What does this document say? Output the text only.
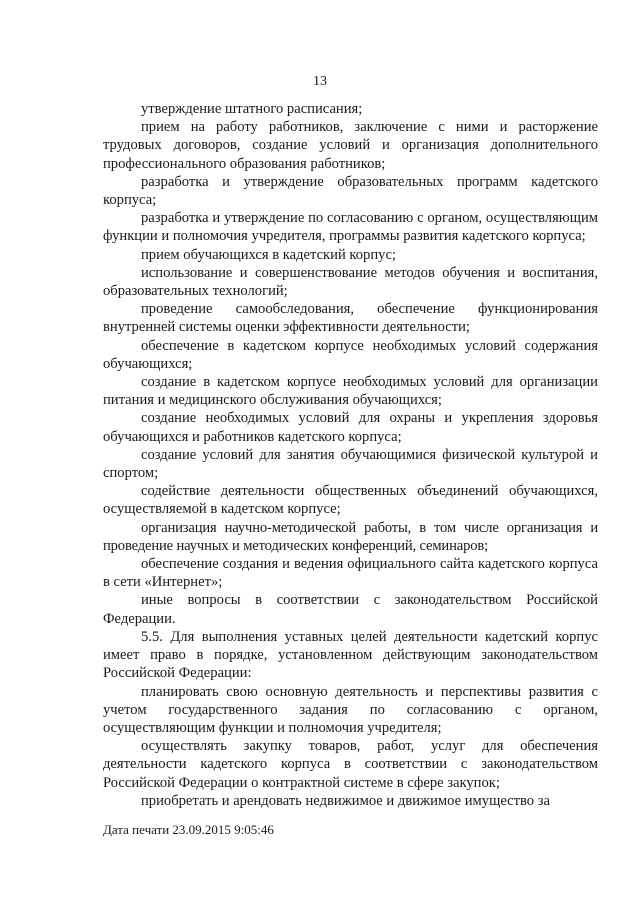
13

утверждение штатного расписания;

прием на работу работников, заключение с ними и расторжение трудовых договоров, создание условий и организация дополнительного профессионального образования работников;

разработка и утверждение образовательных программ кадетского корпуса;

разработка и утверждение по согласованию с органом, осуществляющим функции и полномочия учредителя, программы развития кадетского корпуса;

прием обучающихся в кадетский корпус;

использование и совершенствование методов обучения и воспитания, образовательных технологий;

проведение самообследования, обеспечение функционирования внутренней системы оценки эффективности деятельности;

обеспечение в кадетском корпусе необходимых условий содержания обучающихся;

создание в кадетском корпусе необходимых условий для организации питания и медицинского обслуживания обучающихся;

создание необходимых условий для охраны и укрепления здоровья обучающихся и работников кадетского корпуса;

создание условий для занятия обучающимися физической культурой и спортом;

содействие деятельности общественных объединений обучающихся, осуществляемой в кадетском корпусе;

организация научно-методической работы, в том числе организация и проведение научных и методических конференций, семинаров;

обеспечение создания и ведения официального сайта кадетского корпуса в сети «Интернет»;

иные вопросы в соответствии с законодательством Российской Федерации.

5.5. Для выполнения уставных целей деятельности кадетский корпус имеет право в порядке, установленном действующим законодательством Российской Федерации:

планировать свою основную деятельность и перспективы развития с учетом государственного задания по согласованию с органом, осуществляющим функции и полномочия учредителя;

осуществлять закупку товаров, работ, услуг для обеспечения деятельности кадетского корпуса в соответствии с законодательством Российской Федерации о контрактной системе в сфере закупок;

приобретать и арендовать недвижимое и движимое имущество за

Дата печати 23.09.2015 9:05:46
